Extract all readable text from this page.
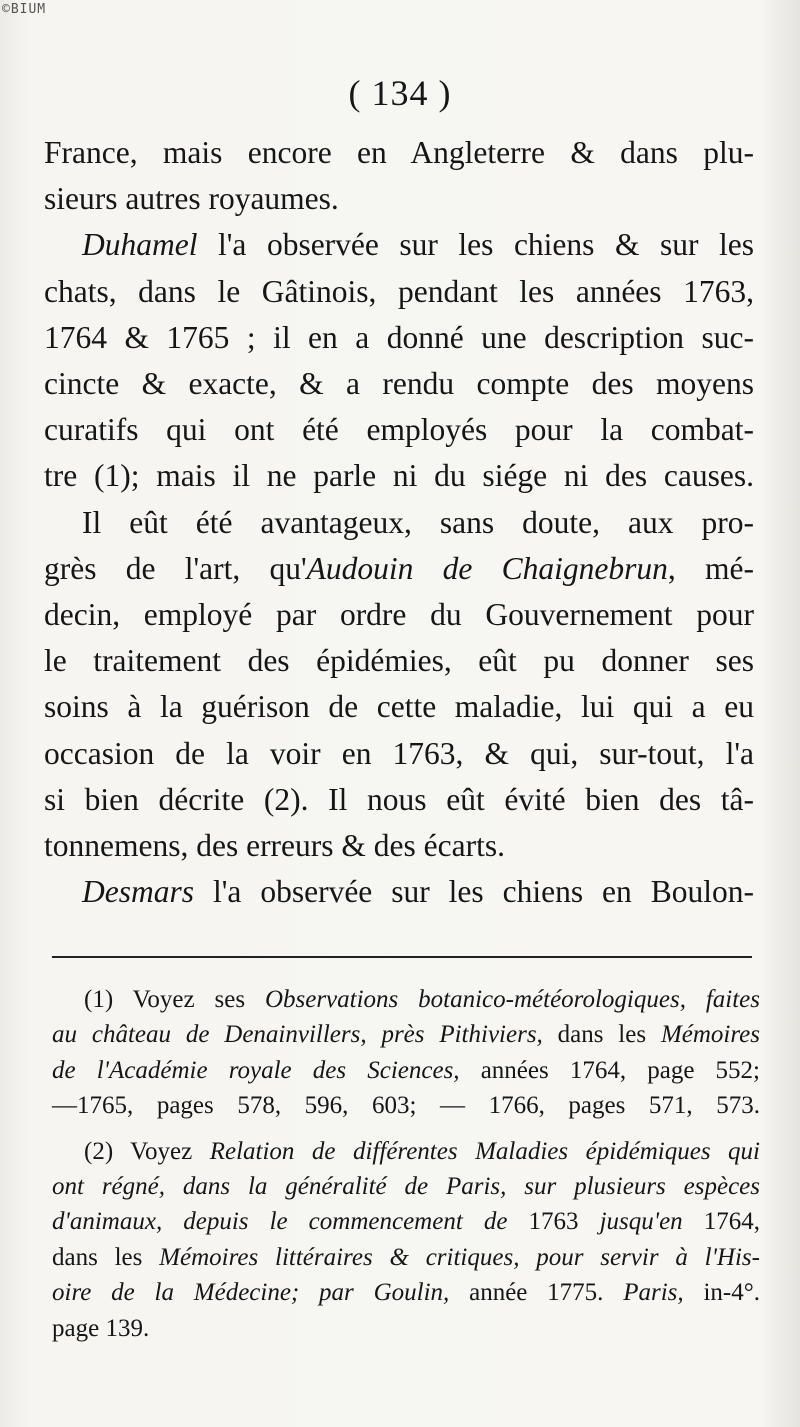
©BIUM
( 134 )
France, mais encore en Angleterre & dans plu-
sieurs autres royaumes.
Duhamel l'a observée sur les chiens & sur les
chats, dans le Gâtinois, pendant les années 1763,
1764 & 1765 ; il en a donné une description suc-
cincte & exacte, & a rendu compte des moyens
curatifs qui ont été employés pour la combat-
tre (1); mais il ne parle ni du siége ni des causes.
Il eût été avantageux, sans doute, aux pro-
grès de l'art, qu'Audouin de Chaignebrun, mé-
decin, employé par ordre du Gouvernement pour
le traitement des épidémies, eût pu donner ses
soins à la guérison de cette maladie, lui qui a eu
occasion de la voir en 1763, & qui, sur-tout, l'a
si bien décrite (2). Il nous eût évité bien des tâ-
tonnemens, des erreurs & des écarts.
Desmars l'a observée sur les chiens en Boulon-
(1) Voyez ses Observations botanico-météorologiques, faites
au château de Denainvillers, près Pithiviers, dans les Mémoires
de l'Académie royale des Sciences, années 1764, page 552;
—1765, pages 578, 596, 603; — 1766, pages 571, 573.
(2) Voyez Relation de différentes Maladies épidémiques qui
ont régné, dans la généralité de Paris, sur plusieurs espèces
d'animaux, depuis le commencement de 1763 jusqu'en 1764,
dans les Mémoires littéraires & critiques, pour servir à l'His-
oire de la Médecine; par Goulin, année 1775. Paris, in-4°.
page 139.
